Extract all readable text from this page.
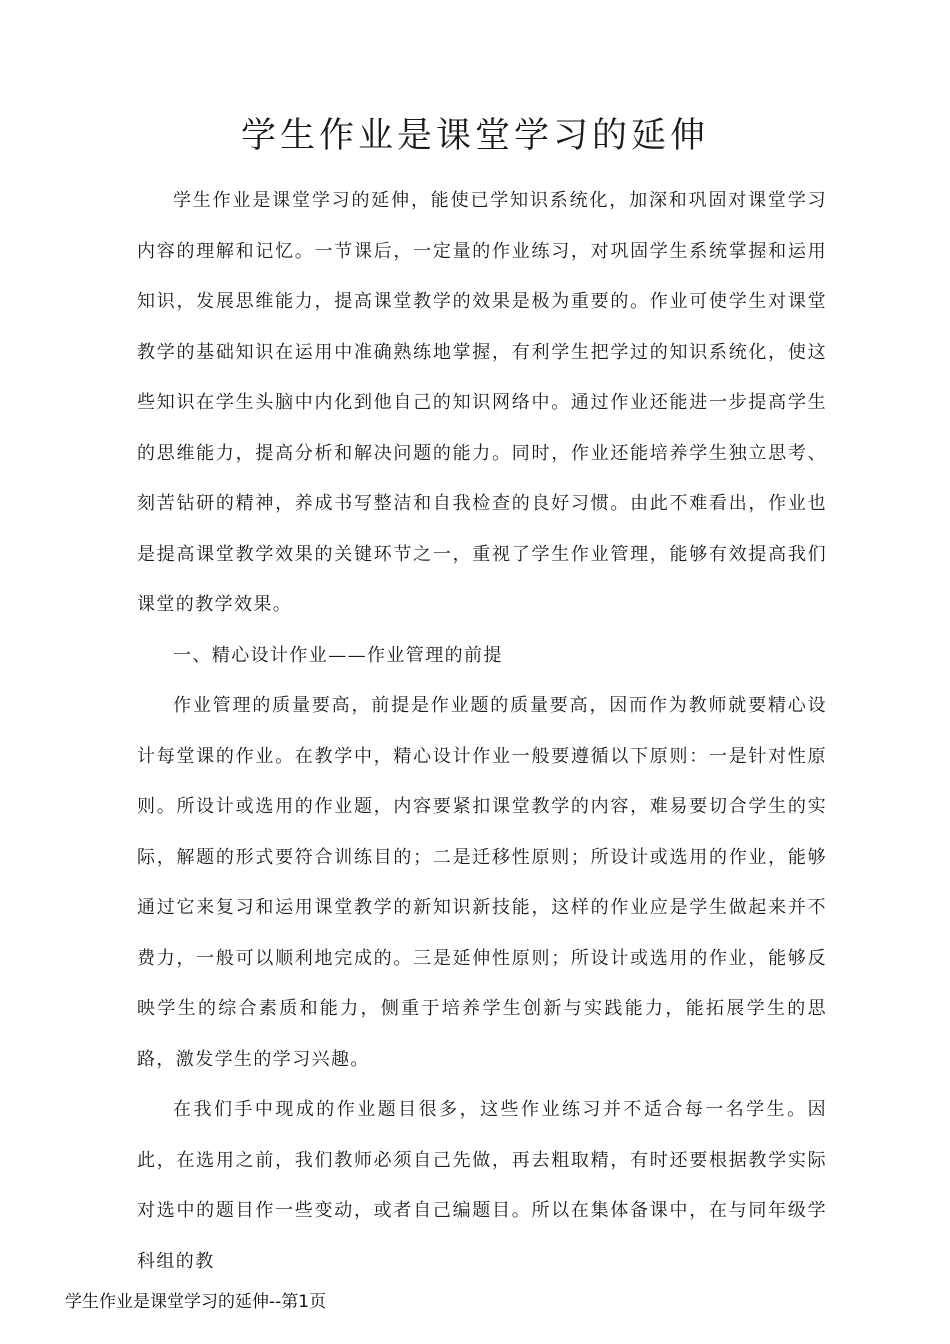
学生作业是课堂学习的延伸

学生作业是课堂学习的延伸，能使已学知识系统化，加深和巩固对课堂学习内容的理解和记忆。一节课后，一定量的作业练习，对巩固学生系统掌握和运用知识，发展思维能力，提高课堂教学的效果是极为重要的。作业可使学生对课堂教学的基础知识在运用中准确熟练地掌握，有利学生把学过的知识系统化，使这些知识在学生头脑中内化到他自己的知识网络中。通过作业还能进一步提高学生的思维能力，提高分析和解决问题的能力。同时，作业还能培养学生独立思考、刻苦钻研的精神，养成书写整洁和自我检查的良好习惯。由此不难看出，作业也是提高课堂教学效果的关键环节之一，重视了学生作业管理，能够有效提高我们课堂的教学效果。

一、精心设计作业——作业管理的前提

作业管理的质量要高，前提是作业题的质量要高，因而作为教师就要精心设计每堂课的作业。在教学中，精心设计作业一般要遵循以下原则：一是针对性原则。所设计或选用的作业题，内容要紧扣课堂教学的内容，难易要切合学生的实际，解题的形式要符合训练目的；二是迁移性原则；所设计或选用的作业，能够通过它来复习和运用课堂教学的新知识新技能，这样的作业应是学生做起来并不费力，一般可以顺利地完成的。三是延伸性原则；所设计或选用的作业，能够反映学生的综合素质和能力，侧重于培养学生创新与实践能力，能拓展学生的思路，激发学生的学习兴趣。

在我们手中现成的作业题目很多，这些作业练习并不适合每一名学生。因此，在选用之前，我们教师必须自己先做，再去粗取精，有时还要根据教学实际对选中的题目作一些变动，或者自己编题目。所以在集体备课中，在与同年级学科组的教

学生作业是课堂学习的延伸--第1页
